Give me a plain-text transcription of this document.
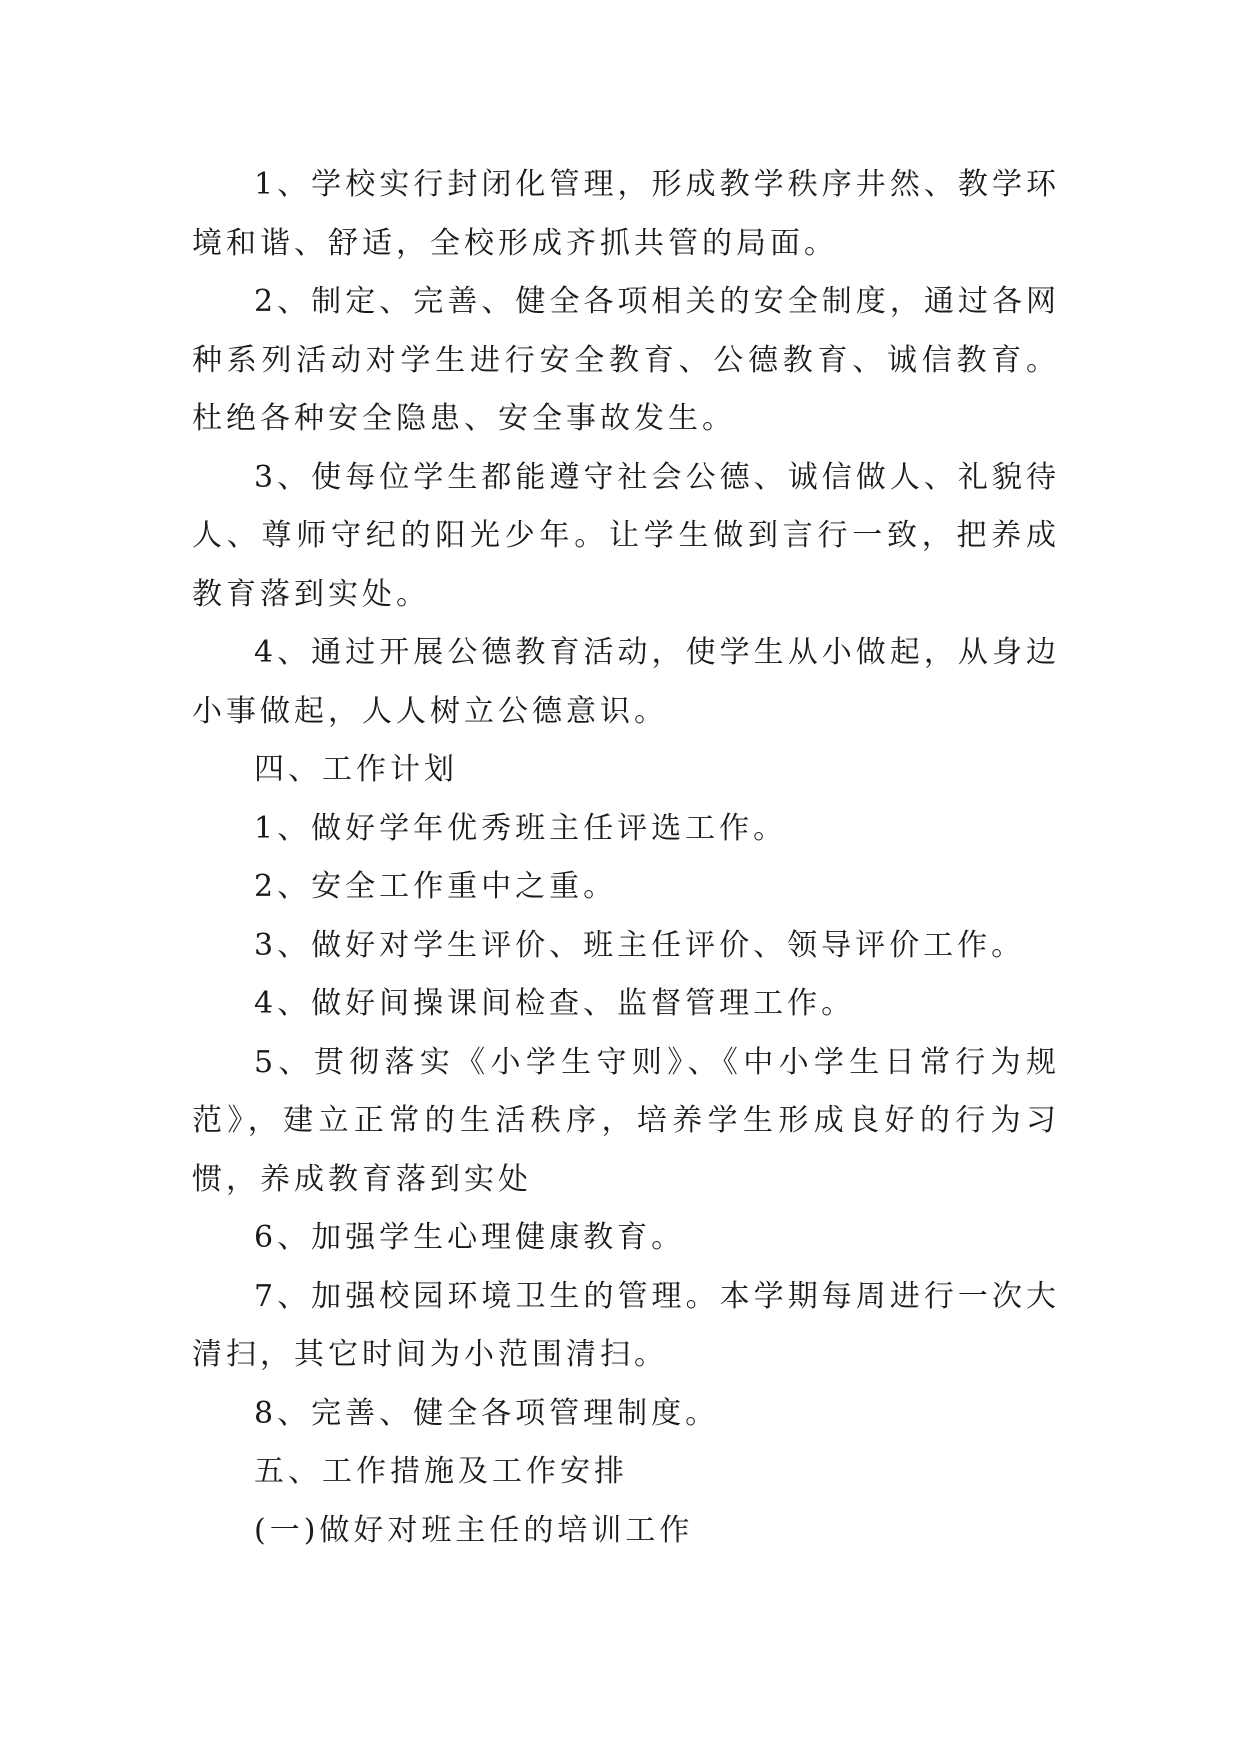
1、学校实行封闭化管理，形成教学秩序井然、教学环境和谐、舒适，全校形成齐抓共管的局面。

2、制定、完善、健全各项相关的安全制度，通过各网种系列活动对学生进行安全教育、公德教育、诚信教育。杜绝各种安全隐患、安全事故发生。

3、使每位学生都能遵守社会公德、诚信做人、礼貌待人、尊师守纪的阳光少年。让学生做到言行一致，把养成教育落到实处。

4、通过开展公德教育活动，使学生从小做起，从身边小事做起，人人树立公德意识。

四、工作计划

1、做好学年优秀班主任评选工作。

2、安全工作重中之重。

3、做好对学生评价、班主任评价、领导评价工作。

4、做好间操课间检查、监督管理工作。

5、贯彻落实《小学生守则》、《中小学生日常行为规范》，建立正常的生活秩序，培养学生形成良好的行为习惯，养成教育落到实处

6、加强学生心理健康教育。

7、加强校园环境卫生的管理。本学期每周进行一次大清扫，其它时间为小范围清扫。

8、完善、健全各项管理制度。

五、工作措施及工作安排

(一)做好对班主任的培训工作
